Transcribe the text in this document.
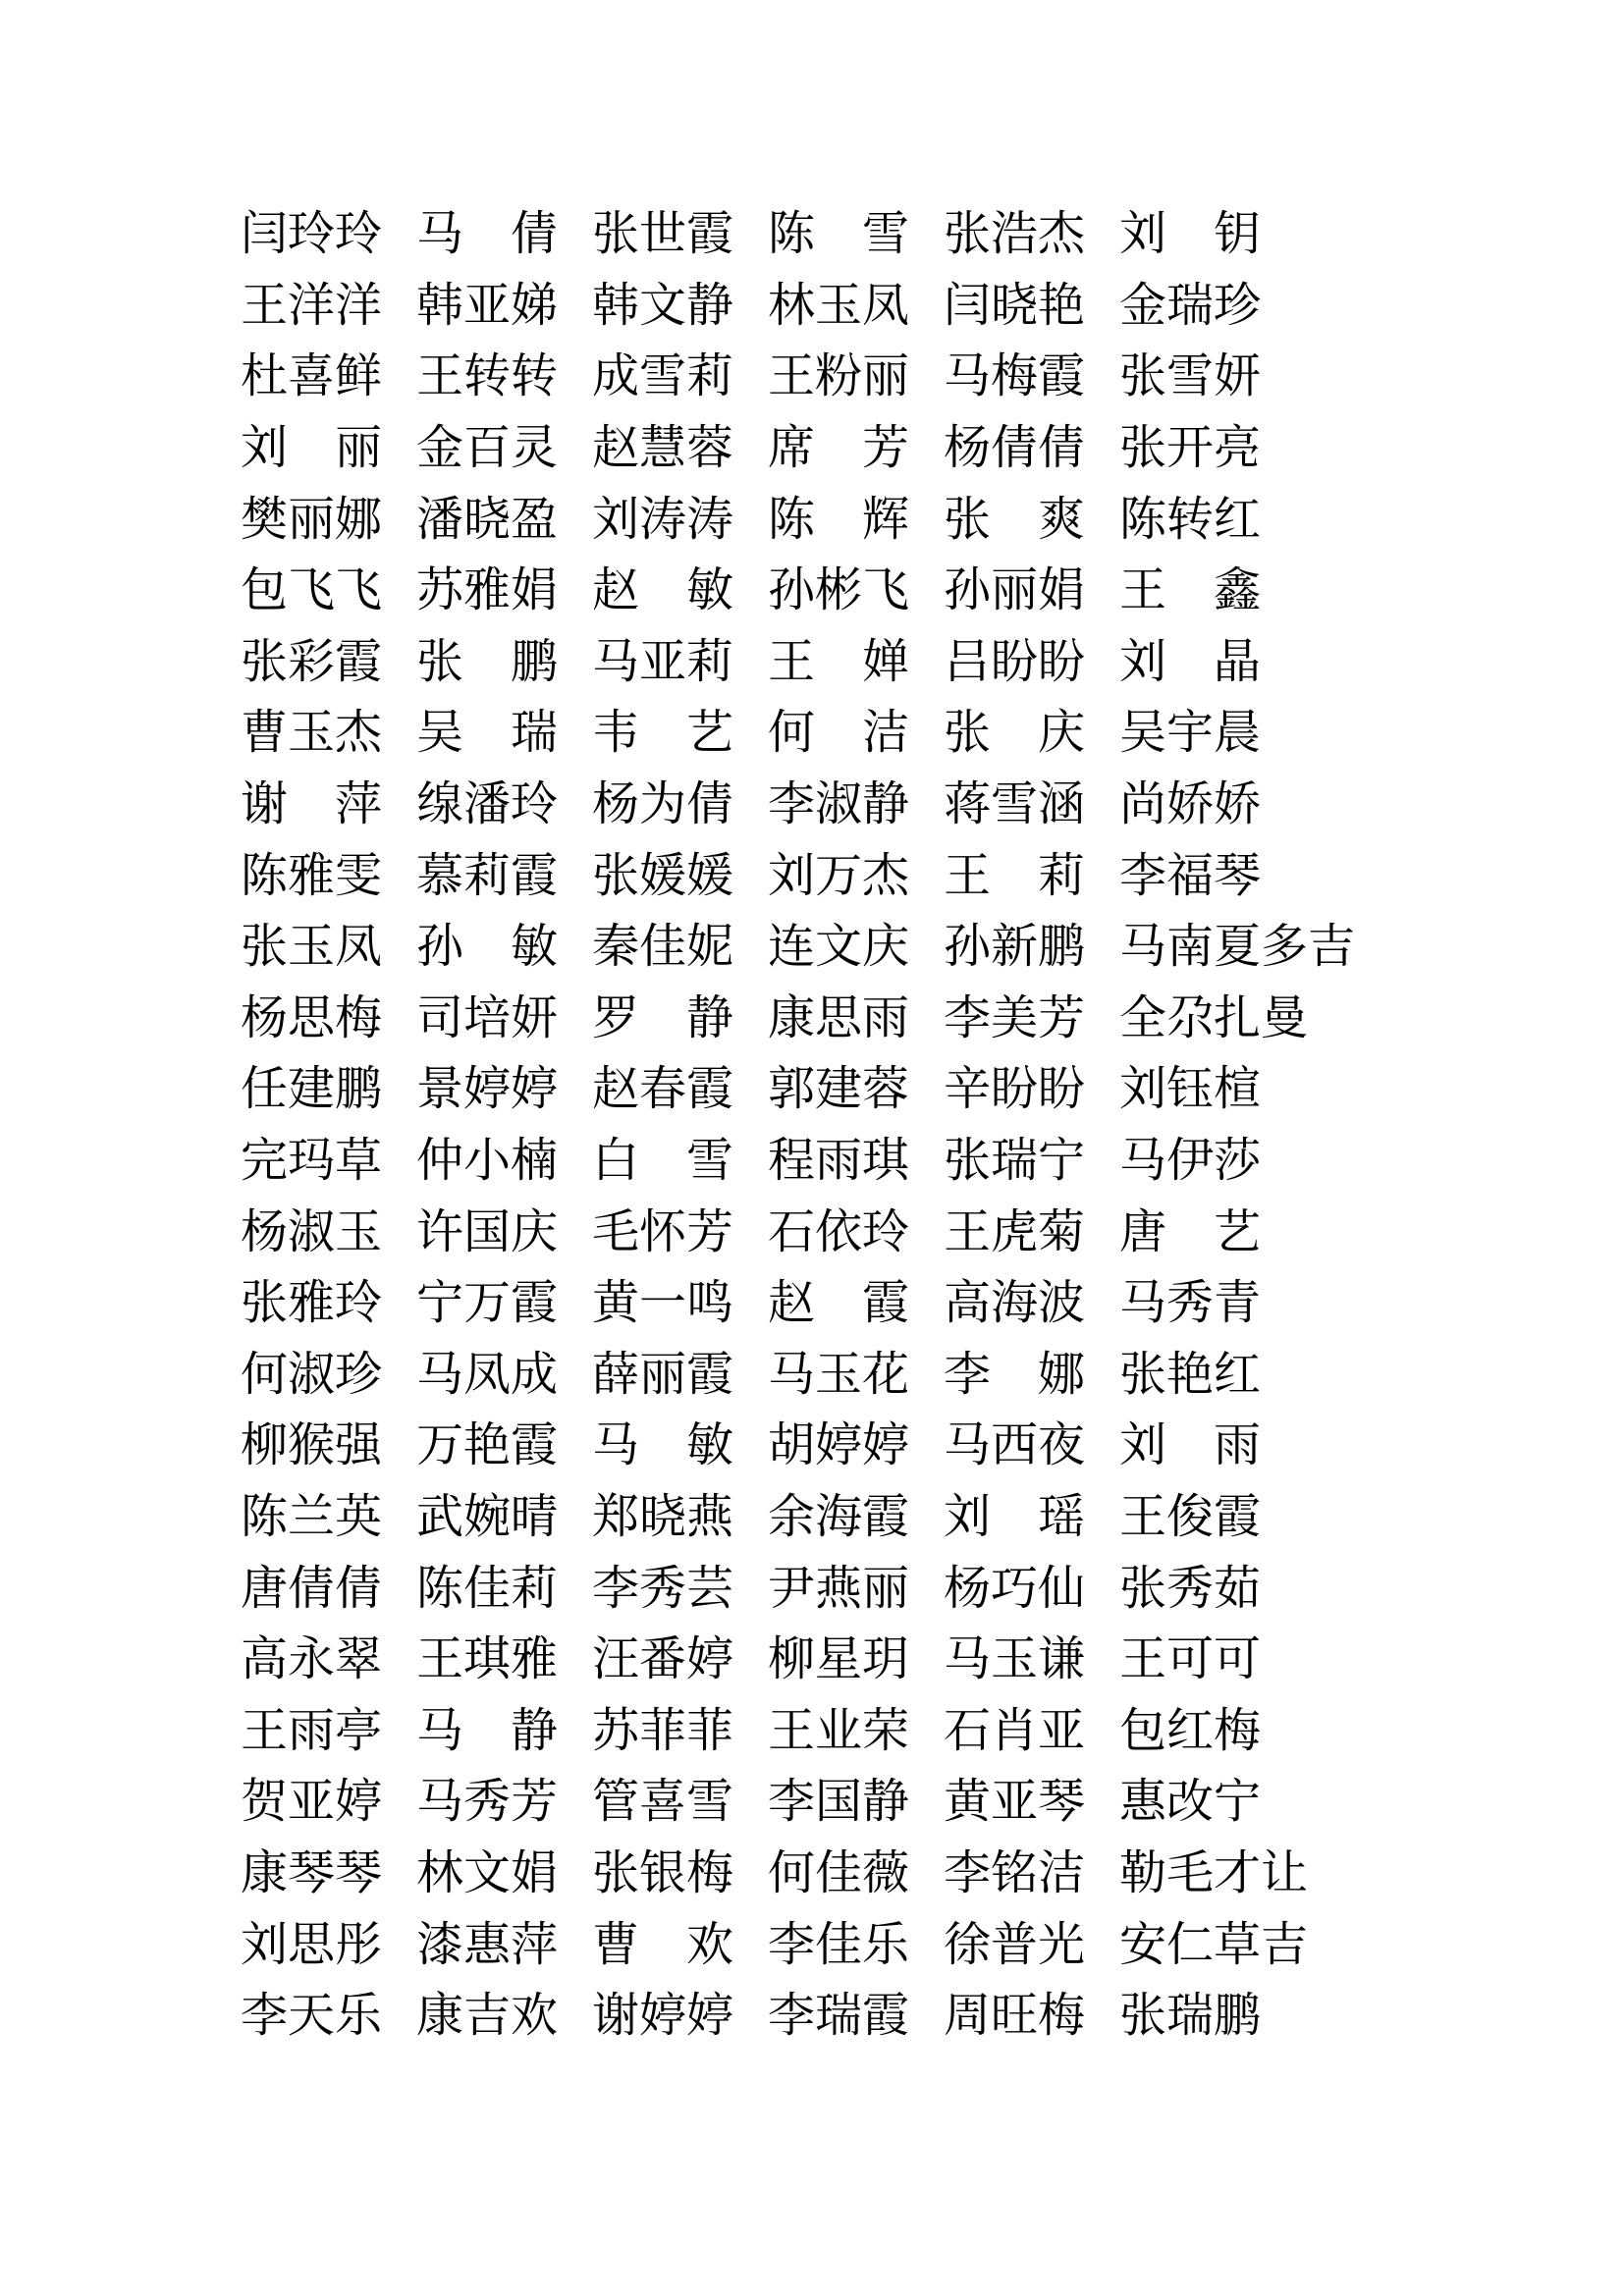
闫玲玲 马倩 张世霞 陈雪 张浩杰 刘钥
王洋洋 韩亚娣 韩文静 林玉凤 闫晓艳 金瑞珍
杜喜鲜 王转转 成雪莉 王粉丽 马梅霞 张雪妍
刘丽 金百灵 赵慧蓉 席芳 杨倩倩 张开亮
樊丽娜 潘晓盈 刘涛涛 陈辉 张爽 陈转红
包飞飞 苏雅娟 赵敏 孙彬飞 孙丽娟 王鑫
张彩霞 张鹏 马亚莉 王婵 吕盼盼 刘晶
曹玉杰 吴瑞 韦艺 何洁 张庆 吴宇晨
谢萍 缐潘玲 杨为倩 李淑静 蒋雪涵 尚娇娇
陈雅雯 慕莉霞 张媛媛 刘万杰 王莉 李福琴
张玉凤 孙敏 秦佳妮 连文庆 孙新鹏 马南夏多吉
杨思梅 司培妍 罗静 康思雨 李美芳 全尕扎曼
任建鹏 景婷婷 赵春霞 郭建蓉 辛盼盼 刘钰楦
完玛草 仲小楠 白雪 程雨琪 张瑞宁 马伊莎
杨淑玉 许国庆 毛怀芳 石依玲 王虎菊 唐艺
张雅玲 宁万霞 黄一鸣 赵霞 高海波 马秀青
何淑珍 马凤成 薛丽霞 马玉花 李娜 张艳红
柳猴强 万艳霞 马敏 胡婷婷 马西夜 刘雨
陈兰英 武婉晴 郑晓燕 余海霞 刘瑶 王俊霞
唐倩倩 陈佳莉 李秀芸 尹燕丽 杨巧仙 张秀茹
高永翠 王琪雅 汪番婷 柳星玥 马玉谦 王可可
王雨亭 马静 苏菲菲 王业荣 石肖亚 包红梅
贺亚婷 马秀芳 管喜雪 李国静 黄亚琴 惠改宁
康琴琴 林文娟 张银梅 何佳薇 李铭洁 勒毛才让
刘思彤 漆惠萍 曹欢 李佳乐 徐普光 安仁草吉
李天乐 康吉欢 谢婷婷 李瑞霞 周旺梅 张瑞鹏
